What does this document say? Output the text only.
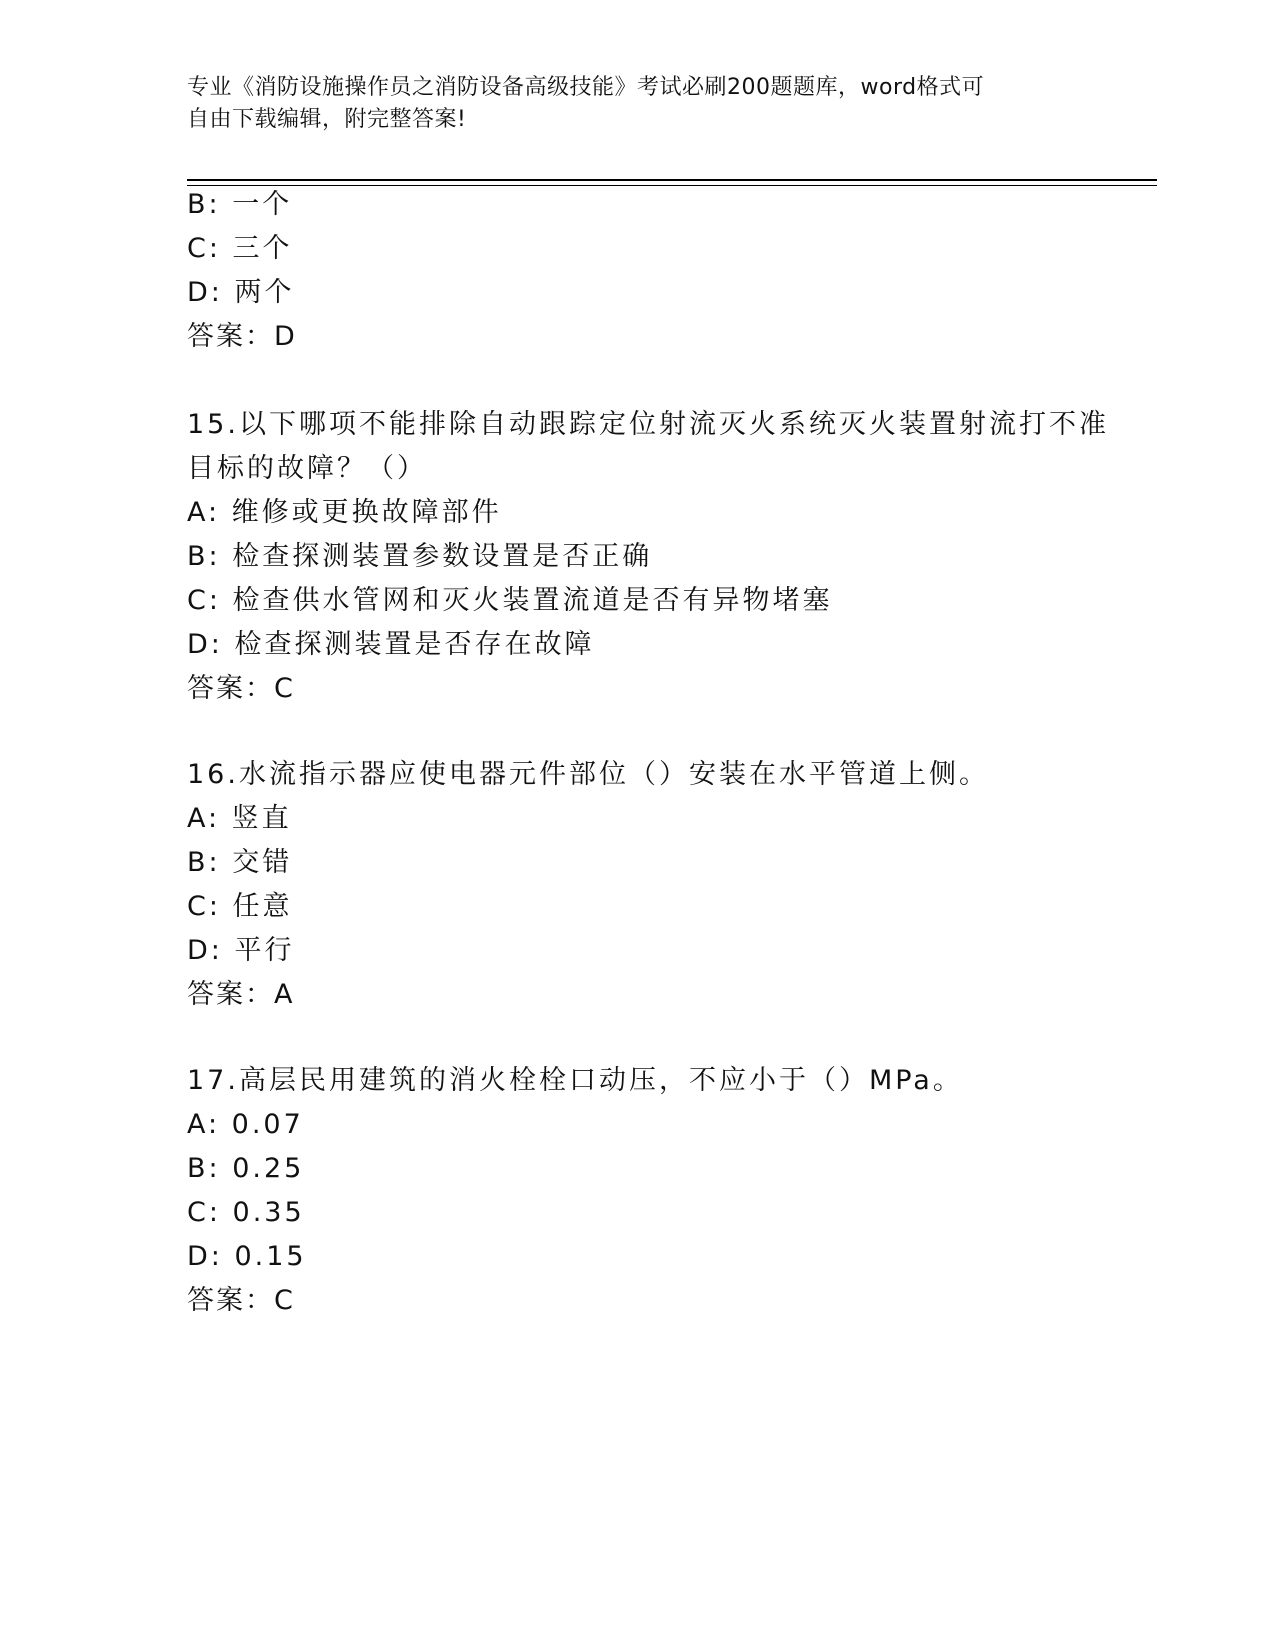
专业《消防设施操作员之消防设备高级技能》考试必刷200题题库，word格式可
自由下载编辑，附完整答案!
B: 一个
C: 三个
D: 两个
答案：D
15.以下哪项不能排除自动跟踪定位射流灭火系统灭火装置射流打不准
目标的故障？（）
A: 维修或更换故障部件
B: 检查探测装置参数设置是否正确
C: 检查供水管网和灭火装置流道是否有异物堵塞
D: 检查探测装置是否存在故障
答案：C
16.水流指示器应使电器元件部位（）安装在水平管道上侧。
A: 竖直
B: 交错
C: 任意
D: 平行
答案：A
17.高层民用建筑的消火栓栓口动压，不应小于（）MPa。
A: 0.07
B: 0.25
C: 0.35
D: 0.15
答案：C
